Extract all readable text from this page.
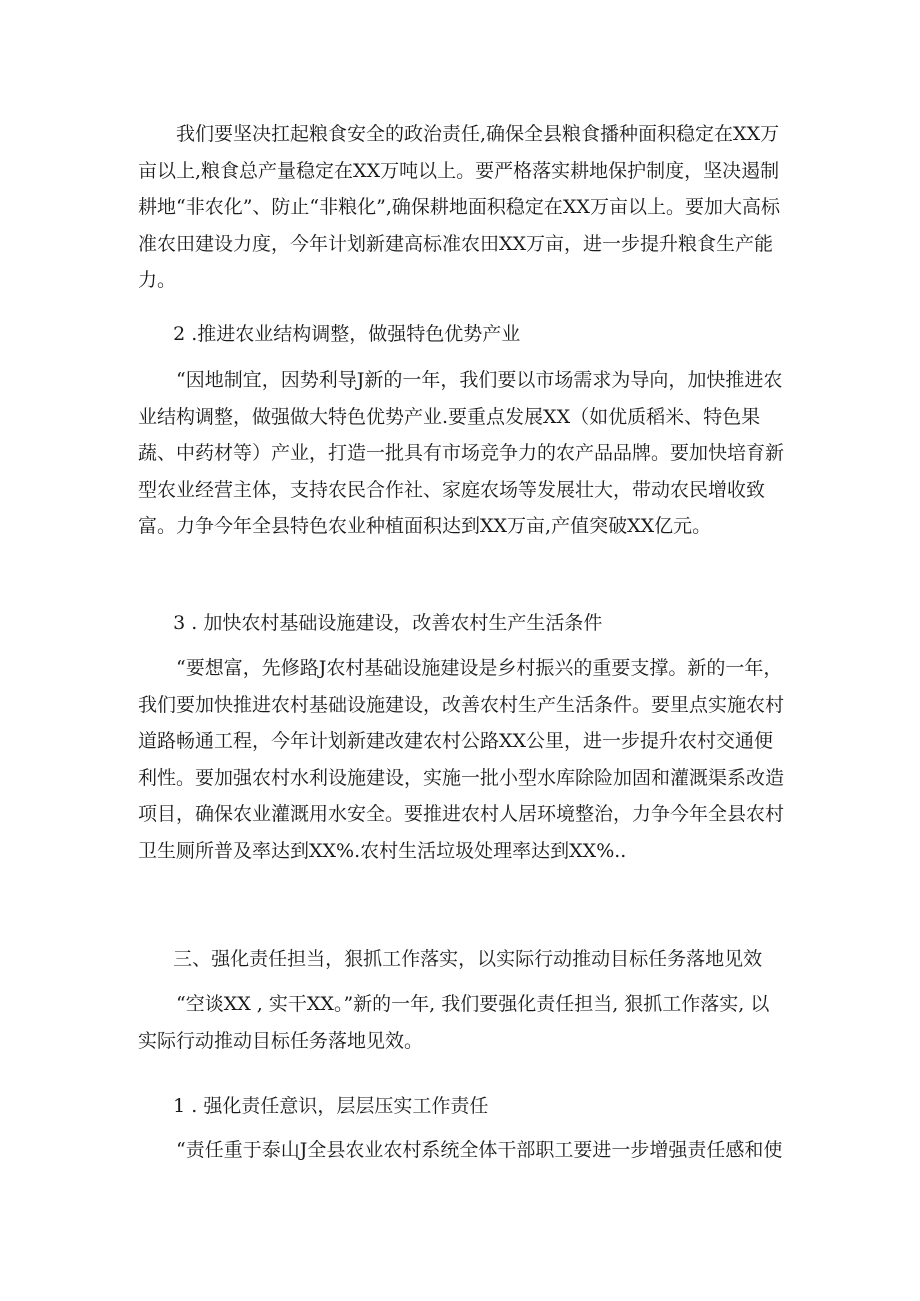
我们要坚决扛起粮食安全的政治责任,确保全县粮食播种面积稳定在XX万亩以上,粮食总产量稳定在XX万吨以上。要严格落实耕地保护制度，坚决遏制耕地“非农化”、防止“非粮化”,确保耕地面积稳定在XX万亩以上。要加大高标准农田建设力度，今年计划新建高标准农田XX万亩，进一步提升粮食生产能力。

2 .推进农业结构调整，做强特色优势产业

“因地制宜，因势利导J新的一年，我们要以市场需求为导向，加快推进农业结构调整，做强做大特色优势产业.要重点发展XX（如优质稻米、特色果蔬、中药材等）产业，打造一批具有市场竞争力的农产品品牌。要加快培育新型农业经营主体，支持农民合作社、家庭农场等发展壮大，带动农民增收致富。力争今年全县特色农业种植面积达到XX万亩,产值突破XX亿元。

3 . 加快农村基础设施建设，改善农村生产生活条件

“要想富，先修路J农村基础设施建设是乡村振兴的重要支撑。新的一年，我们要加快推进农村基础设施建设，改善农村生产生活条件。要里点实施农村道路畅通工程，今年计划新建改建农村公路XX公里，进一步提升农村交通便利性。要加强农村水利设施建设，实施一批小型水库除险加固和灌溉渠系改造项目，确保农业灌溉用水安全。要推进农村人居环境整治，力争今年全县农村卫生厕所普及率达到XX%.农村生活垃圾处理率达到XX%..

三、强化责任担当，狠抓工作落实，以实际行动推动目标任务落地见效

“空谈XX , 实干XX。”新的一年, 我们要强化责任担当, 狠抓工作落实, 以实际行动推动目标任务落地见效。

1 . 强化责任意识，层层压实工作责任

“责任重于泰山J全县农业农村系统全体干部职工要进一步增强责任感和使
